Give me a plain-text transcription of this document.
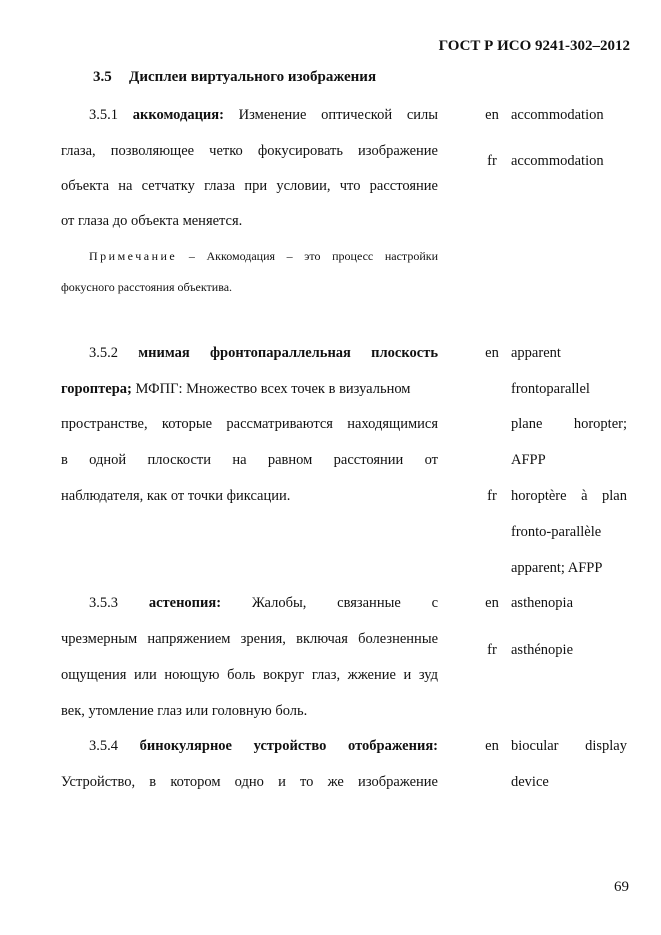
ГОСТ Р ИСО 9241-302–2012
3.5 Дисплеи виртуального изображения
3.5.1 аккомодация: Изменение оптической силы
глаза, позволяющее четко фокусировать изображение
объекта на сетчатку глаза при условии, что расстояние
от глаза до объекта меняется.
Примечание – Аккомодация – это процесс настройки
фокусного расстояния объектива.
en accommodation
fr accommodation
3.5.2 мнимая фронтопараллельная плоскость
гороптера; МФПГ: Множество всех точек в визуальном
пространстве, которые рассматриваются находящимися
в одной плоскости на равном расстоянии от
наблюдателя, как от точки фиксации.
en apparent
frontoparallel
plane horopter;
AFPP
fr horoptère à plan
fronto-parallèle
apparent; AFPP
3.5.3 астенопия: Жалобы, связанные с
чрезмерным напряжением зрения, включая болезненные
ощущения или ноющую боль вокруг глаз, жжение и зуд
век, утомление глаз или головную боль.
en asthenopia
fr asthénopie
3.5.4 бинокулярное устройство отображения:
Устройство, в котором одно и то же изображение
en biocular display
device
69
